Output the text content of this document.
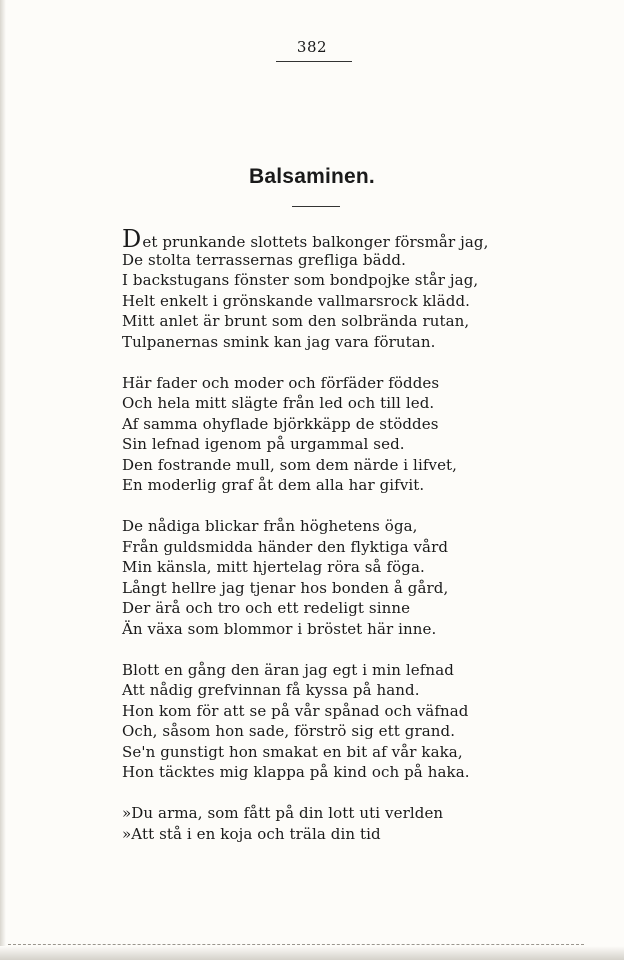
382
Balsaminen.
Det prunkande slottets balkonger försmår jag,
De stolta terrassernas grefliga bädd.
I backstugans fönster som bondpojke står jag,
Helt enkelt i grönskande vallmarsrock klädd.
Mitt anlet är brunt som den solbrända rutan,
Tulpanernas smink kan jag vara förutan.
Här fader och moder och förfäder föddes
Och hela mitt slägte från led och till led.
Af samma ohyflade björkkäpp de stöddes
Sin lefnad igenom på urgammal sed.
Den fostrande mull, som dem närde i lifvet,
En moderlig graf åt dem alla har gifvit.
De nådiga blickar från höghetens öga,
Från guldsmidda händer den flyktiga vård
Min känsla, mitt hjertelag röra så föga.
Långt hellre jag tjenar hos bonden å gård,
Der ärå och tro och ett redeligt sinne
Än växa som blommor i bröstet här inne.
Blott en gång den äran jag egt i min lefnad
Att nådig grefvinnan få kyssa på hand.
Hon kom för att se på vår spånad och väfnad
Och, såsom hon sade, förströ sig ett grand.
Se'n gunstigt hon smakat en bit af vår kaka,
Hon täcktes mig klappa på kind och på haka.
»Du arma, som fått på din lott uti verlden
»Att stå i en koja och träla din tid
